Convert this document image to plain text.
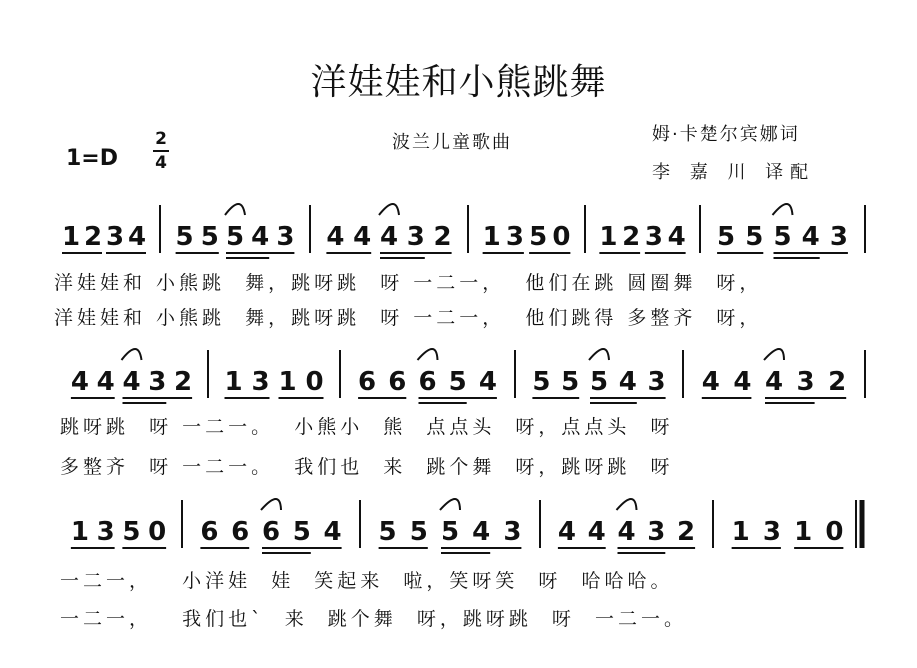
洋娃娃和小熊跳舞
1=D
2
4
波兰儿童歌曲	姆·卡楚尔宾娜词
李 嘉 川 译配
1 2 3 4 5 5 5 4 3 4 4 4 3 2 1 3 5 0 1 2 3 4 5 5 5 4 3
4 4 4 3 2 1 3 1 0 6 6 6 5 4 5 5 5 4 3 4 4 4 3 2
1 3 5 0 6 6 6 5 4 5 5 5 4 3 4 4 4 3 2 1 3 1 0
洋娃娃和 小熊跳  舞，跳呀跳  呀 一二一，  他们在跳 圆圈舞  呀，
洋娃娃和 小熊跳  舞，跳呀跳  呀 一二一，  他们跳得 多整齐  呀，
跳呀跳  呀 一二一。  小熊小  熊  点点头  呀，点点头  呀
多整齐  呀 一二一。  我们也  来  跳个舞  呀，跳呀跳  呀
一二一，   小洋娃  娃  笑起来  啦，笑呀笑  呀  哈哈哈。
一二一，   我们也`  来  跳个舞  呀，跳呀跳  呀  一二一。
